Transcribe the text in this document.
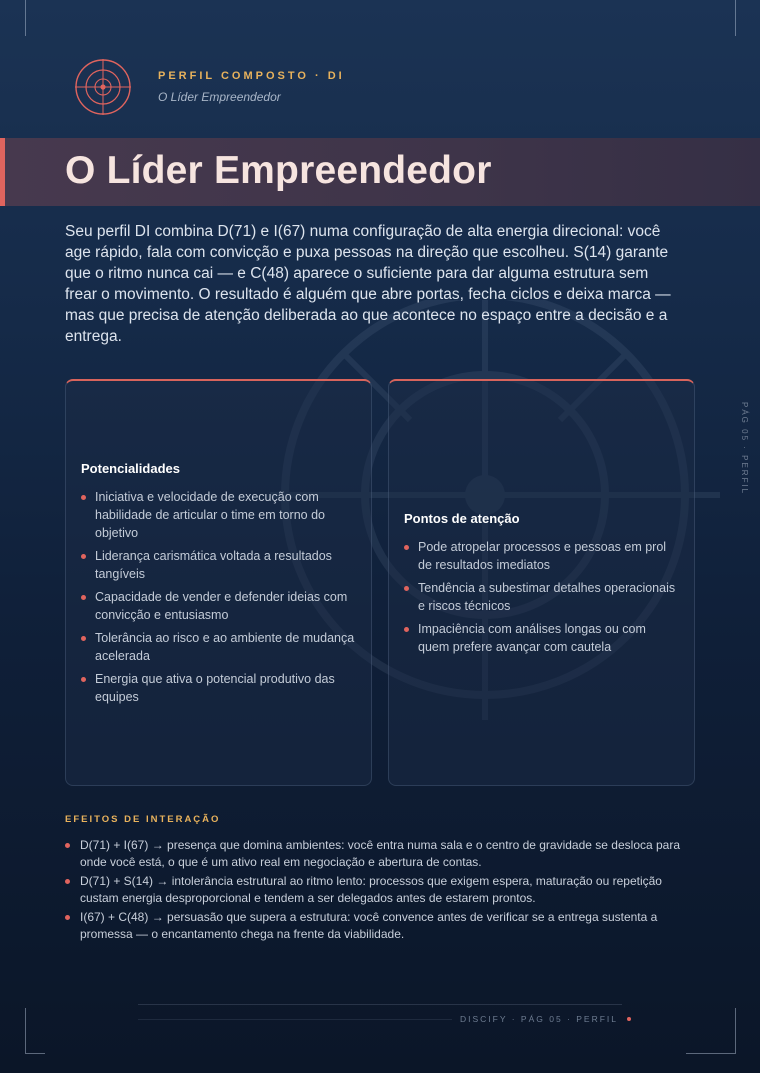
PERFIL COMPOSTO · DI
O Líder Empreendedor
O Líder Empreendedor

Seu perfil DI combina D(71) e I(67) numa configuração de alta energia direcional: você age rápido, fala com convicção e puxa pessoas na direção que escolheu. S(14) garante que o ritmo nunca cai — e C(48) aparece o suficiente para dar alguma estrutura sem frear o movimento. O resultado é alguém que abre portas, fecha ciclos e deixa marca — mas que precisa de atenção deliberada ao que acontece no espaço entre a decisão e a entrega.

Potencialidades
Iniciativa e velocidade de execução com habilidade de articular o time em torno do objetivo
Liderança carismática voltada a resultados tangíveis
Capacidade de vender e defender ideias com convicção e entusiasmo
Tolerância ao risco e ao ambiente de mudança acelerada
Energia que ativa o potencial produtivo das equipes
Pontos de atenção
Pode atropelar processos e pessoas em prol de resultados imediatos
Tendência a subestimar detalhes operacionais e riscos técnicos
Impaciência com análises longas ou com quem prefere avançar com cautela
EFEITOS DE INTERAÇÃO
D(71) + I(67) → presença que domina ambientes: você entra numa sala e o centro de gravidade se desloca para onde você está, o que é um ativo real em negociação e abertura de contas.
D(71) + S(14) → intolerância estrutural ao ritmo lento: processos que exigem espera, maturação ou repetição custam energia desproporcional e tendem a ser delegados antes de estarem prontos.
I(67) + C(48) → persuasão que supera a estrutura: você convence antes de verificar se a entrega sustenta a promessa — o encantamento chega na frente da viabilidade.
PÁG 05 · PERFIL
DISCIFY · PÁG 05 · PERFIL
